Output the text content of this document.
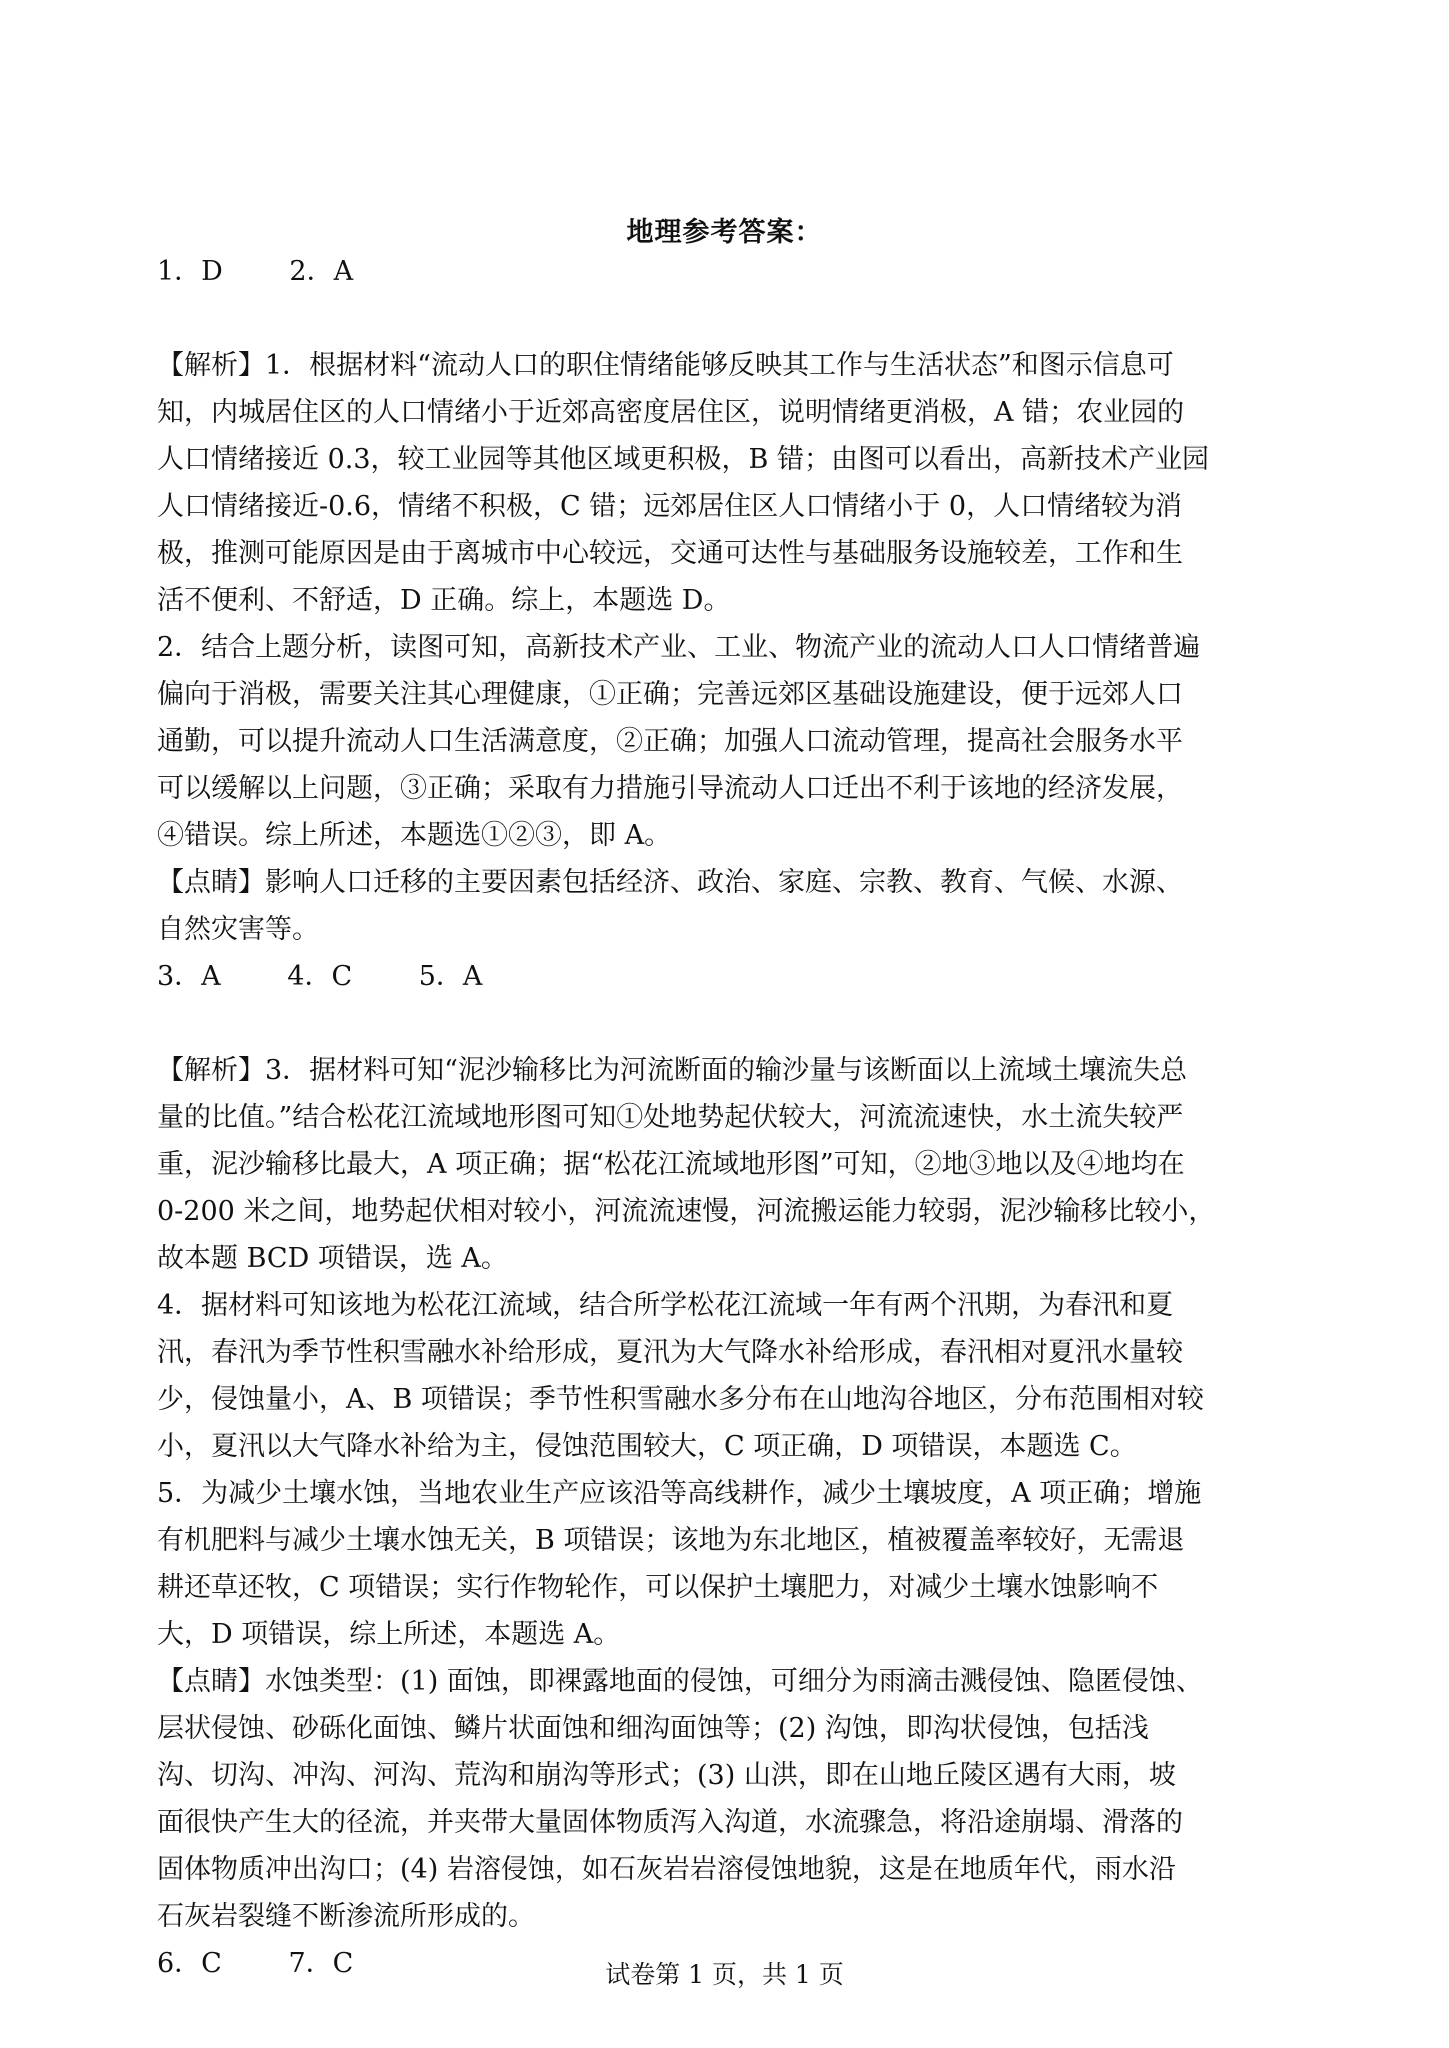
地理参考答案：
1．D 2．A
【解析】1．根据材料“流动人口的职住情绪能够反映其工作与生活状态”和图示信息可
知，内城居住区的人口情绪小于近郊高密度居住区，说明情绪更消极，A 错；农业园的
人口情绪接近 0.3，较工业园等其他区域更积极，B 错；由图可以看出，高新技术产业园
人口情绪接近-0.6，情绪不积极，C 错；远郊居住区人口情绪小于 0，人口情绪较为消
极，推测可能原因是由于离城市中心较远，交通可达性与基础服务设施较差，工作和生
活不便利、不舒适，D 正确。综上，本题选 D。
2．结合上题分析，读图可知，高新技术产业、工业、物流产业的流动人口人口情绪普遍
偏向于消极，需要关注其心理健康，①正确；完善远郊区基础设施建设，便于远郊人口
通勤，可以提升流动人口生活满意度，②正确；加强人口流动管理，提高社会服务水平
可以缓解以上问题，③正确；采取有力措施引导流动人口迁出不利于该地的经济发展，
④错误。综上所述，本题选①②③，即 A。
【点睛】影响人口迁移的主要因素包括经济、政治、家庭、宗教、教育、气候、水源、
自然灾害等。
3．A 4．C 5．A
【解析】3．据材料可知“泥沙输移比为河流断面的输沙量与该断面以上流域土壤流失总
量的比值。”结合松花江流域地形图可知①处地势起伏较大，河流流速快，水土流失较严
重，泥沙输移比最大，A 项正确；据“松花江流域地形图”可知，②地③地以及④地均在
0-200 米之间，地势起伏相对较小，河流流速慢，河流搬运能力较弱，泥沙输移比较小，
故本题 BCD 项错误，选 A。
4．据材料可知该地为松花江流域，结合所学松花江流域一年有两个汛期，为春汛和夏
汛，春汛为季节性积雪融水补给形成，夏汛为大气降水补给形成，春汛相对夏汛水量较
少，侵蚀量小，A、B 项错误；季节性积雪融水多分布在山地沟谷地区，分布范围相对较
小，夏汛以大气降水补给为主，侵蚀范围较大，C 项正确，D 项错误，本题选 C。
5．为减少土壤水蚀，当地农业生产应该沿等高线耕作，减少土壤坡度，A 项正确；增施
有机肥料与减少土壤水蚀无关，B 项错误；该地为东北地区，植被覆盖率较好，无需退
耕还草还牧，C 项错误；实行作物轮作，可以保护土壤肥力，对减少土壤水蚀影响不
大，D 项错误，综上所述，本题选 A。
【点睛】水蚀类型：(1) 面蚀，即裸露地面的侵蚀，可细分为雨滴击溅侵蚀、隐匿侵蚀、
层状侵蚀、砂砾化面蚀、鳞片状面蚀和细沟面蚀等；(2) 沟蚀，即沟状侵蚀，包括浅
沟、切沟、冲沟、河沟、荒沟和崩沟等形式；(3) 山洪，即在山地丘陵区遇有大雨，坡
面很快产生大的径流，并夹带大量固体物质泻入沟道，水流骤急，将沿途崩塌、滑落的
固体物质冲出沟口；(4) 岩溶侵蚀，如石灰岩岩溶侵蚀地貌，这是在地质年代，雨水沿
石灰岩裂缝不断渗流所形成的。
6．C 7．C	试卷第 1 页，共 1 页
